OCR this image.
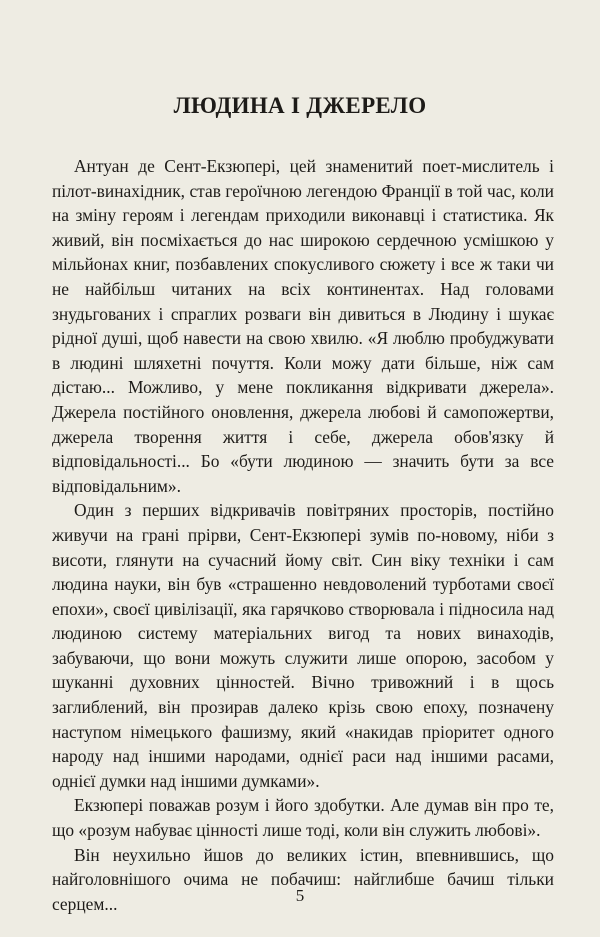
ЛЮДИНА І ДЖЕРЕЛО

Антуан де Сент-Екзюпері, цей знаменитий поет-мислитель і пілот-винахідник, став героїчною легендою Франції в той час, коли на зміну героям і легендам приходили виконавці і статистика. Як живий, він посміхається до нас широкою сердечною усмішкою у мільйонах книг, позбавлених спокусливого сюжету і все ж таки чи не найбільш читаних на всіх континентах. Над головами знудьгованих і спраглих розваги він дивиться в Людину і шукає рідної душі, щоб навести на свою хвилю. «Я люблю пробуджувати в людині шляхетні почуття. Коли можу дати більше, ніж сам дістаю... Можливо, у мене покликання відкривати джерела». Джерела постійного оновлення, джерела любові й самопожертви, джерела творення життя і себе, джерела обов'язку й відповідальності... Бо «бути людиною — значить бути за все відповідальним».

Один з перших відкривачів повітряних просторів, постійно живучи на грані прірви, Сент-Екзюпері зумів по-новому, ніби з висоти, глянути на сучасний йому світ. Син віку техніки і сам людина науки, він був «страшенно невдоволений турботами своєї епохи», своєї цивілізації, яка гарячково створювала і підносила над людиною систему матеріальних вигод та нових винаходів, забуваючи, що вони можуть служити лише опорою, засобом у шуканні духовних цінностей. Вічно тривожний і в щось заглиблений, він прозирав далеко крізь свою епоху, позначену наступом німецького фашизму, який «накидав пріоритет одного народу над іншими народами, однієї раси над іншими расами, однієї думки над іншими думками».

Екзюпері поважав розум і його здобутки. Але думав він про те, що «розум набуває цінності лише тоді, коли він служить любові».

Він неухильно йшов до великих істин, впевнившись, що найголовнішого очима не побачиш: найглибше бачиш тільки серцем...	5
